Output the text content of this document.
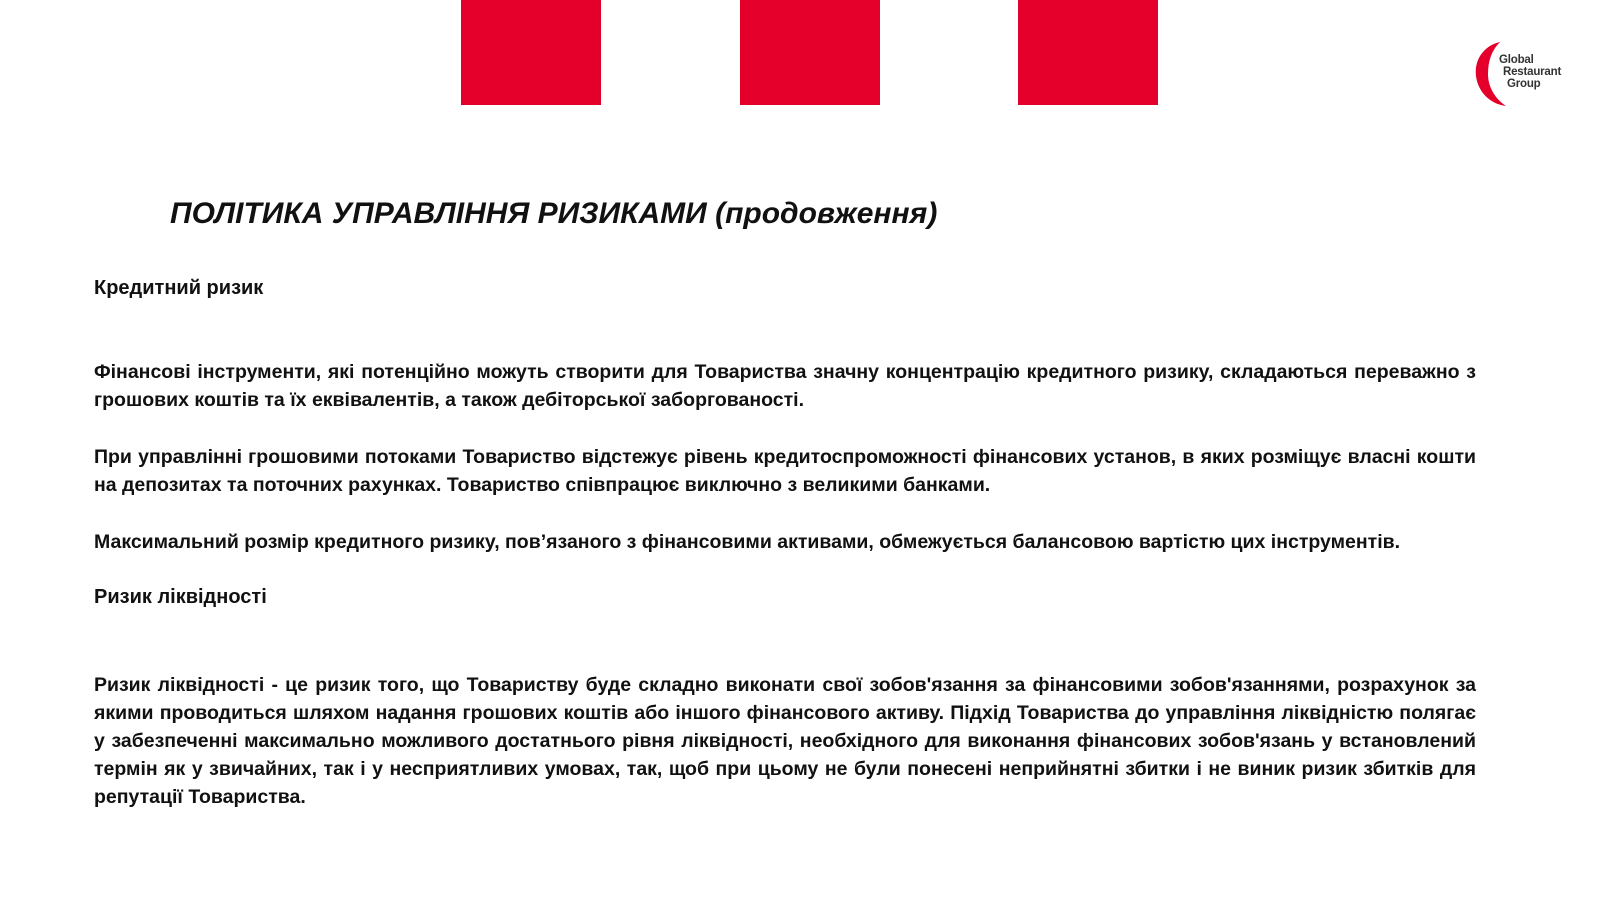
Global
Restaurant
Group
ПОЛІТИКА УПРАВЛІННЯ РИЗИКАМИ (продовження)
Кредитний ризик

Фінансові інструменти, які потенційно можуть створити для Товариства значну концентрацію кредитного ризику, складаються переважно з грошових коштів та їх еквівалентів, а також дебіторської заборгованості.

При управлінні грошовими потоками Товариство відстежує рівень кредитоспроможності фінансових установ, в яких розміщує власні кошти на депозитах та поточних рахунках. Товариство співпрацює виключно з великими банками.

Максимальний розмір кредитного ризику, пов’язаного з фінансовими активами, обмежується балансовою вартістю цих інструментів.

Ризик ліквідності

Ризик ліквідності - це ризик того, що Товариству буде складно виконати свої зобов'язання за фінансовими зобов'язаннями, розрахунок за якими проводиться шляхом надання грошових коштів або іншого фінансового активу. Підхід Товариства до управління ліквідністю полягає у забезпеченні максимально можливого достатнього рівня ліквідності, необхідного для виконання фінансових зобов'язань у встановлений термін як у звичайних, так і у несприятливих умовах, так, щоб при цьому не були понесені неприйнятні збитки і не виник ризик збитків для репутації Товариства.
